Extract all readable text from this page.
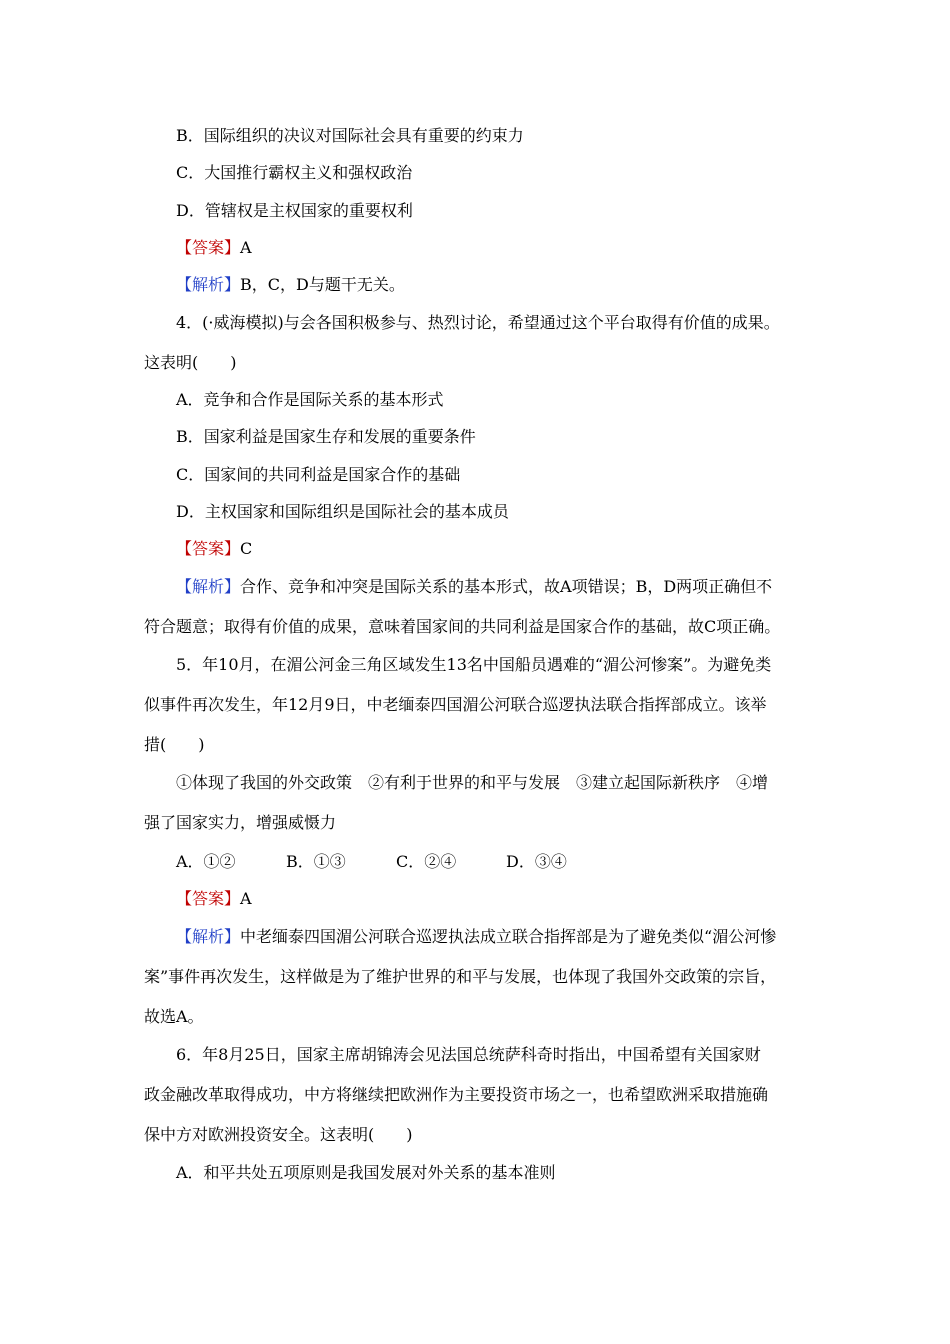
B．国际组织的决议对国际社会具有重要的约束力
C．大国推行霸权主义和强权政治
D．管辖权是主权国家的重要权利
【答案】A
【解析】B，C，D与题干无关。
4．(·威海模拟)与会各国积极参与、热烈讨论，希望通过这个平台取得有价值的成果。
这表明(　　)
A．竞争和合作是国际关系的基本形式
B．国家利益是国家生存和发展的重要条件
C．国家间的共同利益是国家合作的基础
D．主权国家和国际组织是国际社会的基本成员
【答案】C
【解析】合作、竞争和冲突是国际关系的基本形式，故A项错误；B，D两项正确但不
符合题意；取得有价值的成果，意味着国家间的共同利益是国家合作的基础，故C项正确。
5．年10月，在湄公河金三角区域发生13名中国船员遇难的“湄公河惨案”。为避免类
似事件再次发生，年12月9日，中老缅泰四国湄公河联合巡逻执法联合指挥部成立。该举
措(　　)
①体现了我国的外交政策　②有利于世界的和平与发展　③建立起国际新秩序　④增
强了国家实力，增强威慑力
A．①②	B．①③	C．②④	D．③④
【答案】A
【解析】中老缅泰四国湄公河联合巡逻执法成立联合指挥部是为了避免类似“湄公河惨
案”事件再次发生，这样做是为了维护世界的和平与发展，也体现了我国外交政策的宗旨，
故选A。
6．年8月25日，国家主席胡锦涛会见法国总统萨科奇时指出，中国希望有关国家财
政金融改革取得成功，中方将继续把欧洲作为主要投资市场之一，也希望欧洲采取措施确
保中方对欧洲投资安全。这表明(　　)
A．和平共处五项原则是我国发展对外关系的基本准则
